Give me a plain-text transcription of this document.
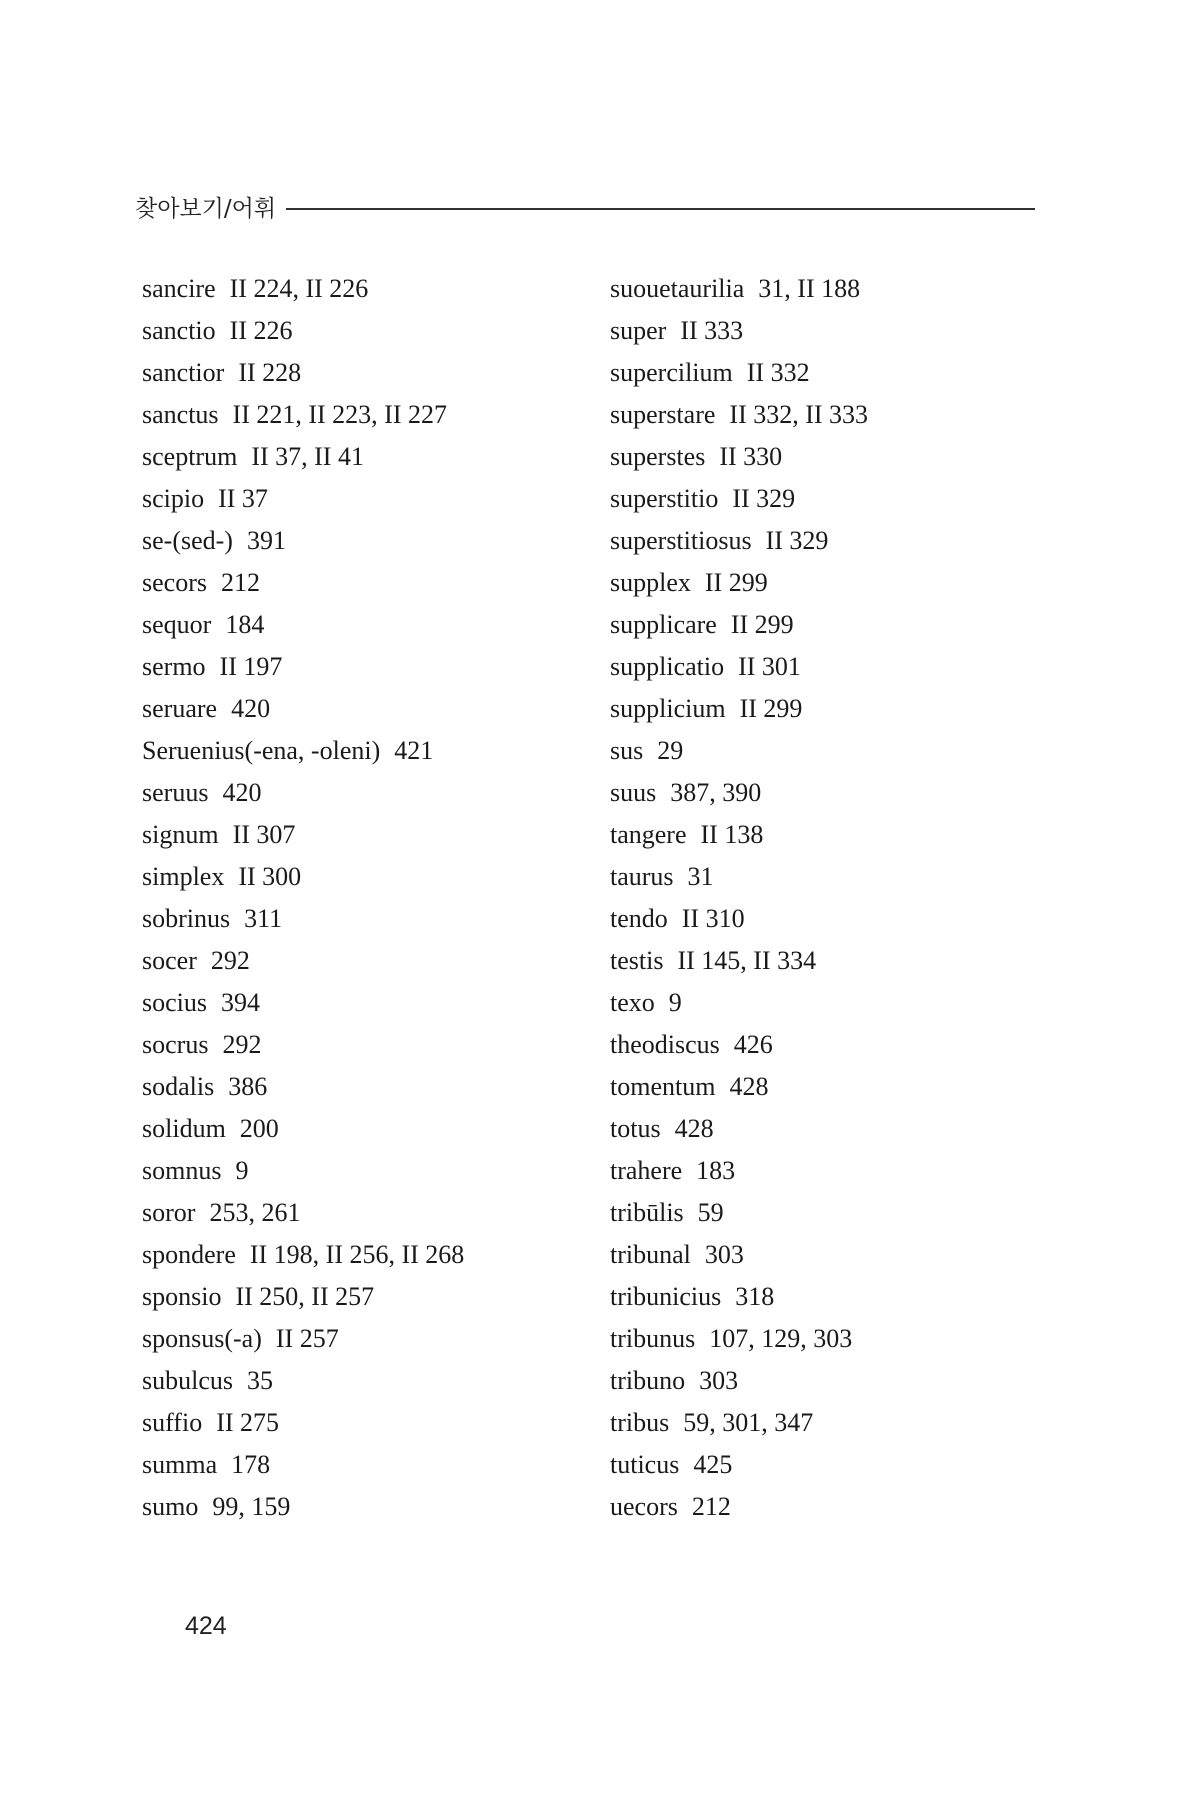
찾아보기/어휘
sancire II 224, II 226
sanctio II 226
sanctior II 228
sanctus II 221, II 223, II 227
sceptrum II 37, II 41
scipio II 37
se-(sed-) 391
secors 212
sequor 184
sermo II 197
seruare 420
Seruenius(-ena, -oleni) 421
seruus 420
signum II 307
simplex II 300
sobrinus 311
socer 292
socius 394
socrus 292
sodalis 386
solidum 200
somnus 9
soror 253, 261
spondere II 198, II 256, II 268
sponsio II 250, II 257
sponsus(-a) II 257
subulcus 35
suffio II 275
summa 178
sumo 99, 159
suouetaurilia 31, II 188
super II 333
supercilium II 332
superstare II 332, II 333
superstes II 330
superstitio II 329
superstitiosus II 329
supplex II 299
supplicare II 299
supplicatio II 301
supplicium II 299
sus 29
suus 387, 390
tangere II 138
taurus 31
tendo II 310
testis II 145, II 334
texo 9
theodiscus 426
tomentum 428
totus 428
trahere 183
tribūlis 59
tribunal 303
tribunicius 318
tribunus 107, 129, 303
tribuno 303
tribus 59, 301, 347
tuticus 425
uecors 212
424
